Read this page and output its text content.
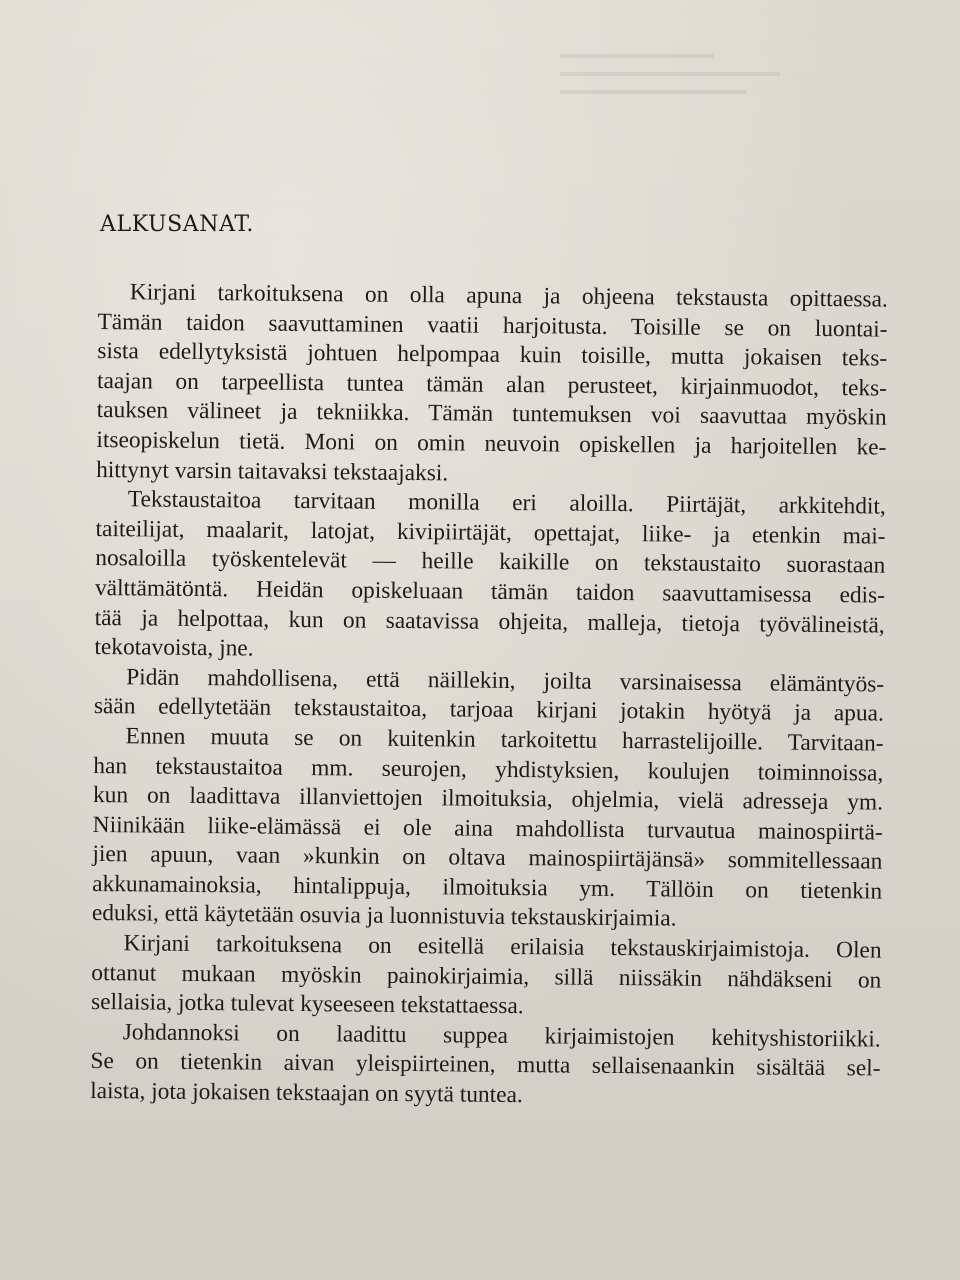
ALKUSANAT.
Kirjani tarkoituksena on olla apuna ja ohjeena tekstausta opittaessa.
Tämän taidon saavuttaminen vaatii harjoitusta. Toisille se on luontai-
sista edellytyksistä johtuen helpompaa kuin toisille, mutta jokaisen teks-
taajan on tarpeellista tuntea tämän alan perusteet, kirjainmuodot, teks-
tauksen välineet ja tekniikka. Tämän tuntemuksen voi saavuttaa myöskin
itseopiskelun tietä. Moni on omin neuvoin opiskellen ja harjoitellen ke-
hittynyt varsin taitavaksi tekstaajaksi.
Tekstaustaitoa tarvitaan monilla eri aloilla. Piirtäjät, arkkitehdit,
taiteilijat, maalarit, latojat, kivipiirtäjät, opettajat, liike- ja etenkin mai-
nosaloilla työskentelevät — heille kaikille on tekstaustaito suorastaan
välttämätöntä. Heidän opiskeluaan tämän taidon saavuttamisessa edis-
tää ja helpottaa, kun on saatavissa ohjeita, malleja, tietoja työvälineistä,
tekotavoista, jne.
Pidän mahdollisena, että näillekin, joilta varsinaisessa elämäntyös-
sään edellytetään tekstaustaitoa, tarjoaa kirjani jotakin hyötyä ja apua.
Ennen muuta se on kuitenkin tarkoitettu harrastelijoille. Tarvitaan-
han tekstaustaitoa mm. seurojen, yhdistyksien, koulujen toiminnoissa,
kun on laadittava illanviettojen ilmoituksia, ohjelmia, vielä adresseja ym.
Niinikään liike-elämässä ei ole aina mahdollista turvautua mainospiirtä-
jien apuun, vaan »kunkin on oltava mainospiirtäjänsä» sommitellessaan
akkunamainoksia, hintalippuja, ilmoituksia ym. Tällöin on tietenkin
eduksi, että käytetään osuvia ja luonnistuvia tekstauskirjaimia.
Kirjani tarkoituksena on esitellä erilaisia tekstauskirjaimistoja. Olen
ottanut mukaan myöskin painokirjaimia, sillä niissäkin nähdäkseni on
sellaisia, jotka tulevat kyseeseen tekstattaessa.
Johdannoksi on laadittu suppea kirjaimistojen kehityshistoriikki.
Se on tietenkin aivan yleispiirteinen, mutta sellaisenaankin sisältää sel-
laista, jota jokaisen tekstaajan on syytä tuntea.
